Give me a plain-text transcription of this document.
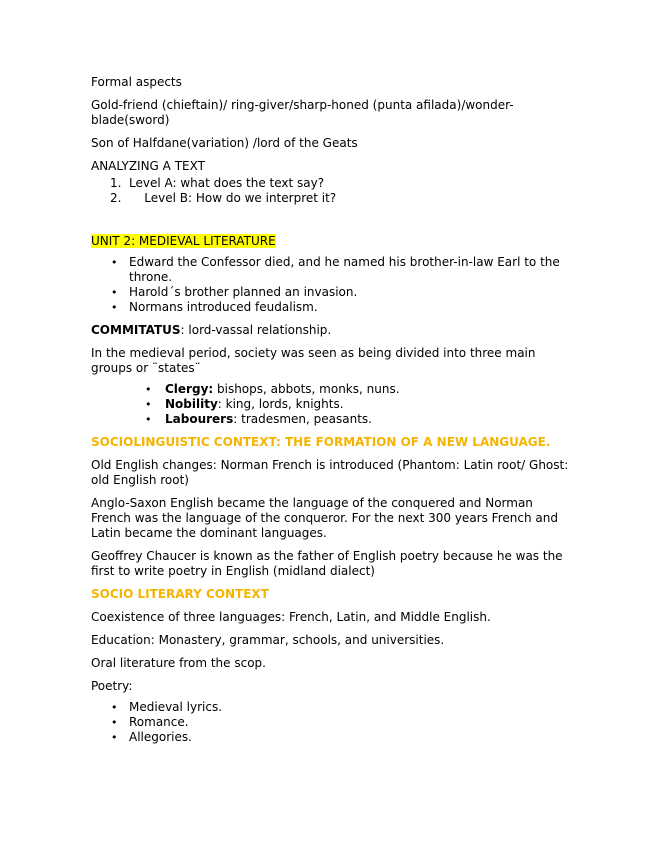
Formal aspects

Gold-friend (chieftain)/ ring-giver/sharp-honed (punta afilada)/wonder-blade(sword)

Son of Halfdane(variation) /lord of the Geats

ANALYZING A TEXT

1. Level A: what does the text say?
2. Level B: How do we interpret it?

UNIT 2: MEDIEVAL LITERATURE

• Edward the Confessor died, and he named his brother-in-law Earl to the throne.
• Harold´s brother planned an invasion.
• Normans introduced feudalism.

COMMITATUS: lord-vassal relationship.

In the medieval period, society was seen as being divided into three main groups or ¨states¨

• Clergy: bishops, abbots, monks, nuns.
• Nobility: king, lords, knights.
• Labourers: tradesmen, peasants.

SOCIOLINGUISTIC CONTEXT: THE FORMATION OF A NEW LANGUAGE.

Old English changes: Norman French is introduced (Phantom: Latin root/ Ghost: old English root)

Anglo-Saxon English became the language of the conquered and Norman French was the language of the conqueror. For the next 300 years French and Latin became the dominant languages.

Geoffrey Chaucer is known as the father of English poetry because he was the first to write poetry in English (midland dialect)

SOCIO LITERARY CONTEXT

Coexistence of three languages: French, Latin, and Middle English.

Education: Monastery, grammar, schools, and universities.

Oral literature from the scop.

Poetry:

• Medieval lyrics.
• Romance.
• Allegories.
